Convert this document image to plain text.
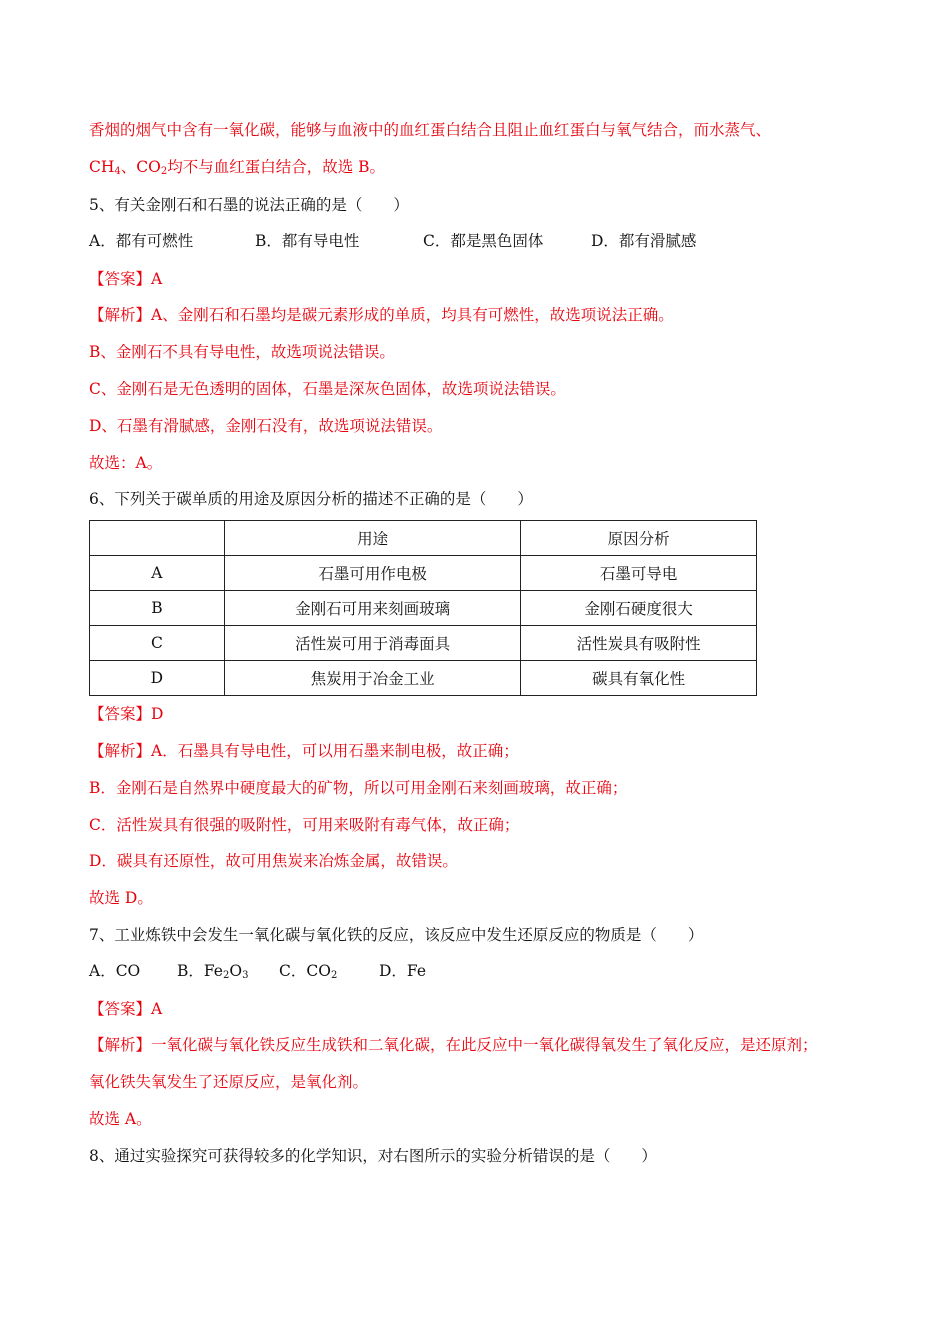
香烟的烟气中含有一氧化碳，能够与血液中的血红蛋白结合且阻止血红蛋白与氧气结合，而水蒸气、
$CH_4$、$CO_2$均不与血红蛋白结合，故选 B。
5、有关金刚石和石墨的说法正确的是（　　）
A．都有可燃性	B．都有导电性	C．都是黑色固体	D．都有滑腻感
【答案】A
【解析】A、金刚石和石墨均是碳元素形成的单质，均具有可燃性，故选项说法正确。
B、金刚石不具有导电性，故选项说法错误。
C、金刚石是无色透明的固体，石墨是深灰色固体，故选项说法错误。
D、石墨有滑腻感，金刚石没有，故选项说法错误。
故选：A。
6、下列关于碳单质的用途及原因分析的描述不正确的是（　　）
	用途	原因分析
A	石墨可用作电极	石墨可导电
B	金刚石可用来刻画玻璃	金刚石硬度很大
C	活性炭可用于消毒面具	活性炭具有吸附性
D	焦炭用于冶金工业	碳具有氧化性
【答案】D
【解析】A．石墨具有导电性，可以用石墨来制电极，故正确；
B．金刚石是自然界中硬度最大的矿物，所以可用金刚石来刻画玻璃，故正确；
C．活性炭具有很强的吸附性，可用来吸附有毒气体，故正确；
D．碳具有还原性，故可用焦炭来冶炼金属，故错误。
故选 D。
7、工业炼铁中会发生一氧化碳与氧化铁的反应，该反应中发生还原反应的物质是（　　）
A．CO B．$Fe_2O_3$ C．$CO_2$	D．Fe
【答案】A
【解析】一氧化碳与氧化铁反应生成铁和二氧化碳，在此反应中一氧化碳得氧发生了氧化反应，是还原剂；
氧化铁失氧发生了还原反应，是氧化剂。
故选 A。
8、通过实验探究可获得较多的化学知识，对右图所示的实验分析错误的是（　　）
